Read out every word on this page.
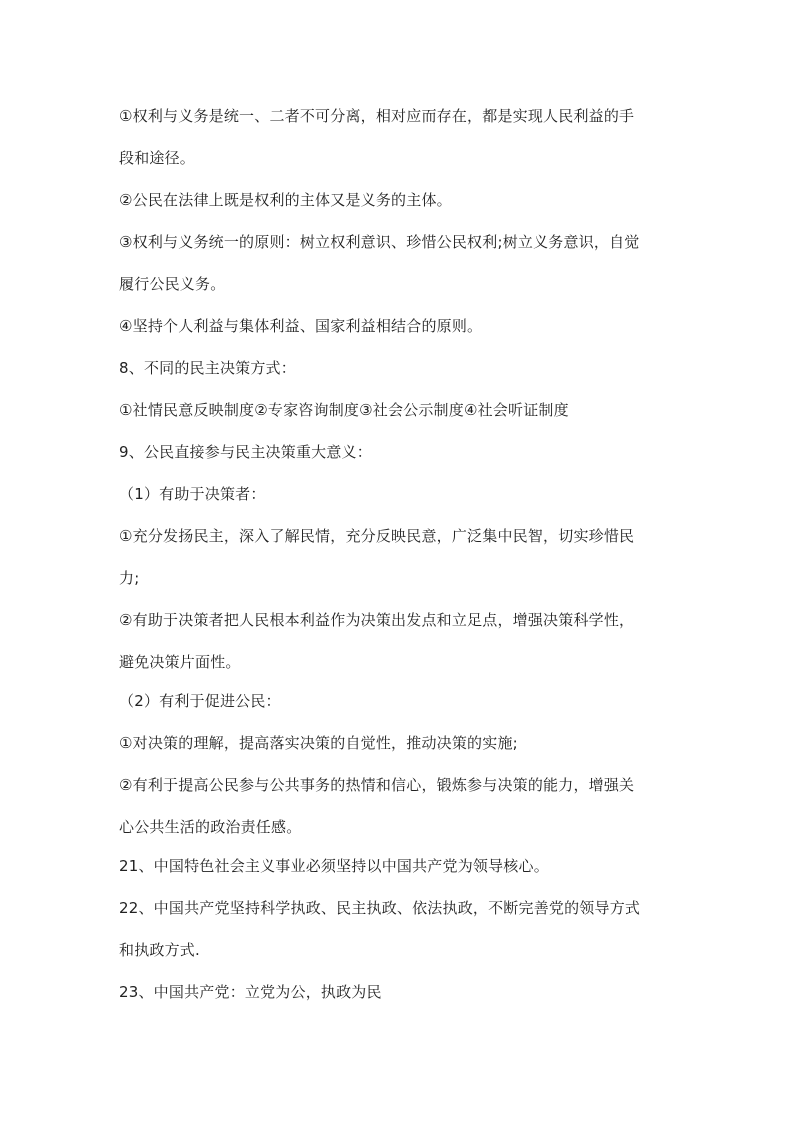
①权利与义务是统一、二者不可分离，相对应而存在，都是实现人民利益的手
段和途径。
②公民在法律上既是权利的主体又是义务的主体。
③权利与义务统一的原则：树立权利意识、珍惜公民权利;树立义务意识，自觉
履行公民义务。
④坚持个人利益与集体利益、国家利益相结合的原则。
8、不同的民主决策方式：
①社情民意反映制度②专家咨询制度③社会公示制度④社会听证制度
9、公民直接参与民主决策重大意义：
（1）有助于决策者：
①充分发扬民主，深入了解民情，充分反映民意，广泛集中民智，切实珍惜民
力;
②有助于决策者把人民根本利益作为决策出发点和立足点，增强决策科学性，
避免决策片面性。
（2）有利于促进公民：
①对决策的理解，提高落实决策的自觉性，推动决策的实施;
②有利于提高公民参与公共事务的热情和信心，锻炼参与决策的能力，增强关
心公共生活的政治责任感。
21、中国特色社会主义事业必须坚持以中国共产党为领导核心。
22、中国共产党坚持科学执政、民主执政、依法执政，不断完善党的领导方式
和执政方式.
23、中国共产党：立党为公，执政为民
